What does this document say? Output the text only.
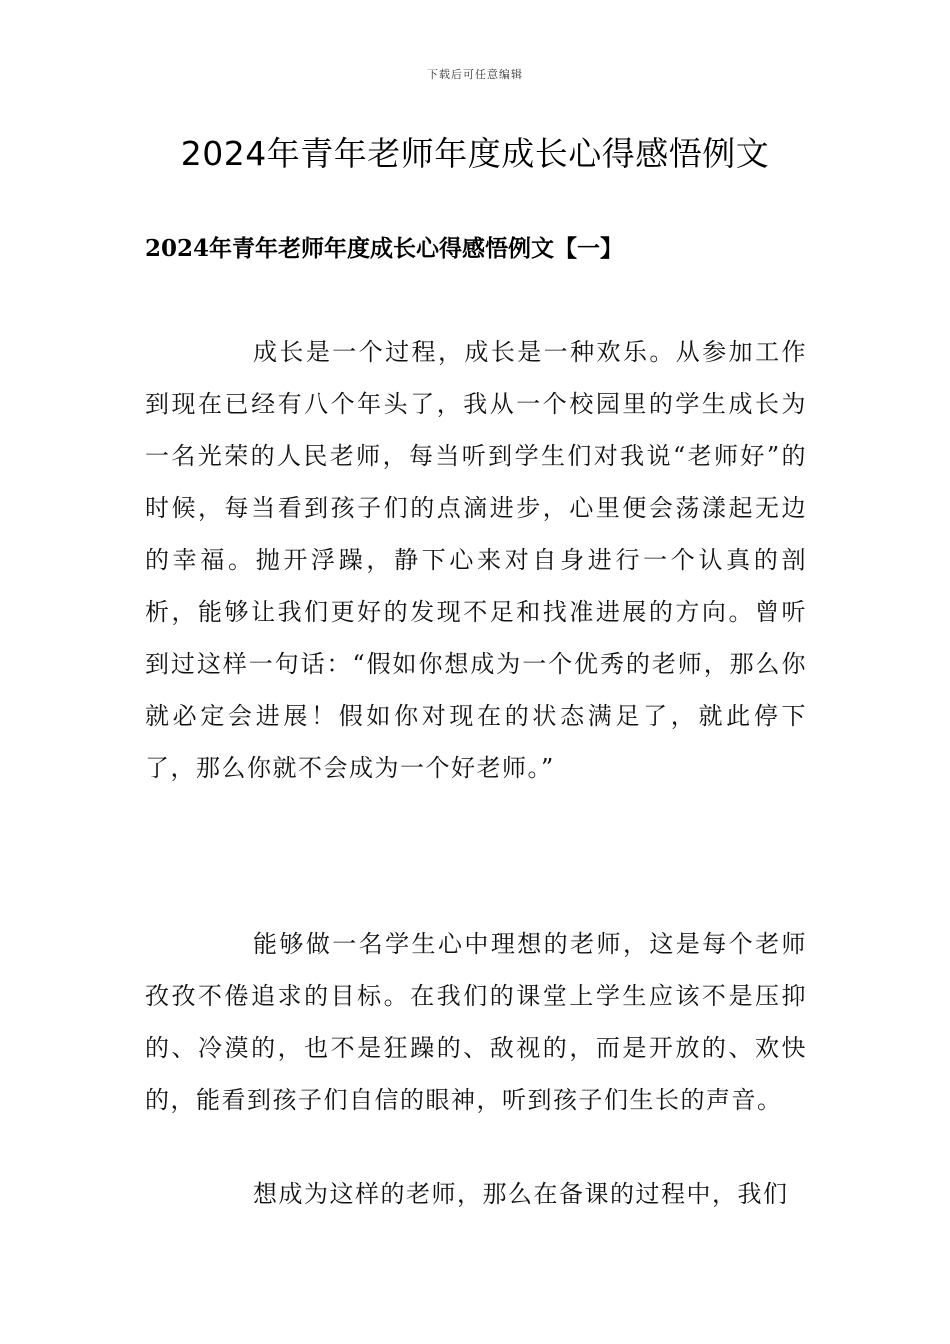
下载后可任意编辑
2024年青年老师年度成长心得感悟例文
2024年青年老师年度成长心得感悟例文【一】

成长是一个过程，成长是一种欢乐。从参加工作到现在已经有八个年头了，我从一个校园里的学生成长为一名光荣的人民老师，每当听到学生们对我说“老师好”的时候，每当看到孩子们的点滴进步，心里便会荡漾起无边的幸福。抛开浮躁，静下心来对自身进行一个认真的剖析，能够让我们更好的发现不足和找准进展的方向。曾听到过这样一句话：“假如你想成为一个优秀的老师，那么你就必定会进展！假如你对现在的状态满足了，就此停下了，那么你就不会成为一个好老师。”

能够做一名学生心中理想的老师，这是每个老师孜孜不倦追求的目标。在我们的课堂上学生应该不是压抑的、冷漠的，也不是狂躁的、敌视的，而是开放的、欢快的，能看到孩子们自信的眼神，听到孩子们生长的声音。

想成为这样的老师，那么在备课的过程中，我们
